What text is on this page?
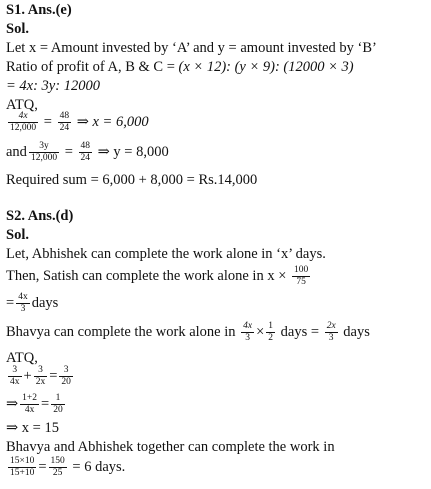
S1. Ans.(e)
Sol.
Let x = Amount invested by ‘A’ and y = amount invested by ‘B’
Ratio of profit of A, B & C = (x × 12): (y × 9): (12000 × 3)
= 4x: 3y: 12000
ATQ,
$\frac{4x}{12,000} = \frac{48}{24}$ ⇒ x = 6,000
and $\frac{3y}{12,000} = \frac{48}{24}$ ⇒ y = 8,000
Required sum = 6,000 + 8,000 = Rs.14,000
S2. Ans.(d)
Sol.
Let, Abhishek can complete the work alone in ‘x’ days.
Then, Satish can complete the work alone in $x \times \frac{100}{75}$
= $\frac{4x}{3}$ days
Bhavya can complete the work alone in $\frac{4x}{3} \times \frac{1}{2}$ days = $\frac{2x}{3}$ days
ATQ,
$\frac{3}{4x} + \frac{3}{2x} = \frac{3}{20}$
⇒ $\frac{1+2}{4x} = \frac{1}{20}$
⇒ x = 15
Bhavya and Abhishek together can complete the work in
$\frac{15\times 10}{15+10} = \frac{150}{25} = 6$ days.
